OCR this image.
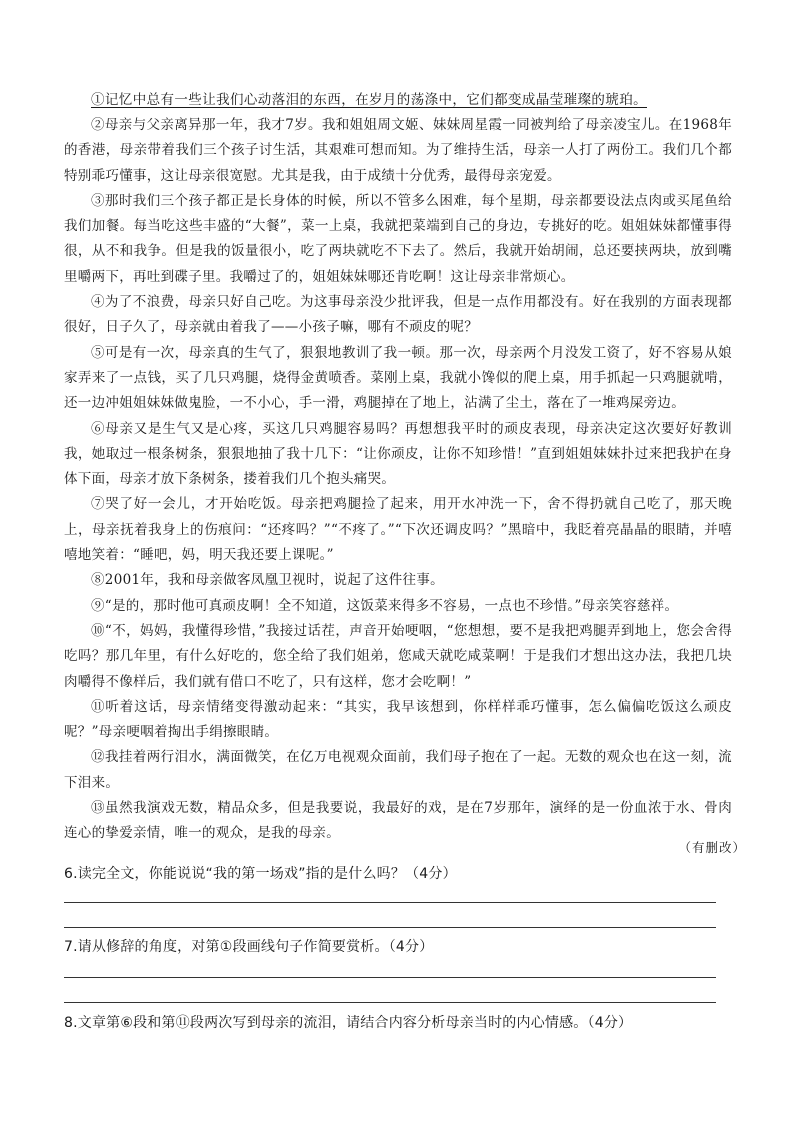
①记忆中总有一些让我们心动落泪的东西，在岁月的荡涤中，它们都变成晶莹璀璨的琥珀。

②母亲与父亲离异那一年，我才7岁。我和姐姐周文姬、妹妹周星霞一同被判给了母亲凌宝儿。在1968年的香港，母亲带着我们三个孩子讨生活，其艰难可想而知。为了维持生活，母亲一人打了两份工。我们几个都特别乖巧懂事，这让母亲很宽慰。尤其是我，由于成绩十分优秀，最得母亲宠爱。

③那时我们三个孩子都正是长身体的时候，所以不管多么困难，每个星期，母亲都要设法点肉或买尾鱼给我们加餐。每当吃这些丰盛的“大餐”，菜一上桌，我就把菜端到自己的身边，专挑好的吃。姐姐妹妹都懂事得很，从不和我争。但是我的饭量很小，吃了两块就吃不下去了。然后，我就开始胡闹，总还要挟两块，放到嘴里嚼两下，再吐到碟子里。我嚼过了的，姐姐妹妹哪还肯吃啊！这让母亲非常烦心。

④为了不浪费，母亲只好自己吃。为这事母亲没少批评我，但是一点作用都没有。好在我别的方面表现都很好，日子久了，母亲就由着我了——小孩子嘛，哪有不顽皮的呢？

⑤可是有一次，母亲真的生气了，狠狠地教训了我一顿。那一次，母亲两个月没发工资了，好不容易从娘家弄来了一点钱，买了几只鸡腿，烧得金黄喷香。菜刚上桌，我就小馋似的爬上桌，用手抓起一只鸡腿就啃，还一边冲姐姐妹妹做鬼脸，一不小心，手一滑，鸡腿掉在了地上，沾满了尘土，落在了一堆鸡屎旁边。

⑥母亲又是生气又是心疼，买这几只鸡腿容易吗？再想想我平时的顽皮表现，母亲决定这次要好好教训我，她取过一根条树条，狠狠地抽了我十几下：“让你顽皮，让你不知珍惜！”直到姐姐妹妹扑过来把我护在身体下面，母亲才放下条树条，搂着我们几个抱头痛哭。

⑦哭了好一会儿，才开始吃饭。母亲把鸡腿捡了起来，用开水冲洗一下，舍不得扔就自己吃了，那天晚上，母亲抚着我身上的伤痕问：“还疼吗？”“不疼了。”“下次还调皮吗？”黑暗中，我眨着亮晶晶的眼睛，并嘻嘻地笑着：“睡吧，妈，明天我还要上课呢。”

⑧2001年，我和母亲做客凤凰卫视时，说起了这件往事。

⑨“是的，那时他可真顽皮啊！全不知道，这饭菜来得多不容易，一点也不珍惜。”母亲笑容慈祥。

⑩“不，妈妈，我懂得珍惜，”我接过话茬，声音开始哽咽，“您想想，要不是我把鸡腿弄到地上，您会舍得吃吗？那几年里，有什么好吃的，您全给了我们姐弟，您咸天就吃咸菜啊！于是我们才想出这办法，我把几块肉嚼得不像样后，我们就有借口不吃了，只有这样，您才会吃啊！”

⑪听着这话，母亲情绪变得激动起来：“其实，我早该想到，你样样乖巧懂事，怎么偏偏吃饭这么顽皮呢？”母亲哽咽着掏出手绢擦眼睛。

⑫我挂着两行泪水，满面微笑，在亿万电视观众面前，我们母子抱在了一起。无数的观众也在这一刻，流下泪来。

⑬虽然我演戏无数，精品众多，但是我要说，我最好的戏，是在7岁那年，演绎的是一份血浓于水、骨肉连心的挚爱亲情，唯一的观众，是我的母亲。

（有删改）
6.读完全文，你能说说“我的第一场戏”指的是什么吗？（4分）
7.请从修辞的角度，对第①段画线句子作简要赏析。（4分）
8.文章第⑥段和第⑪段两次写到母亲的流泪，请结合内容分析母亲当时的内心情感。（4分）
